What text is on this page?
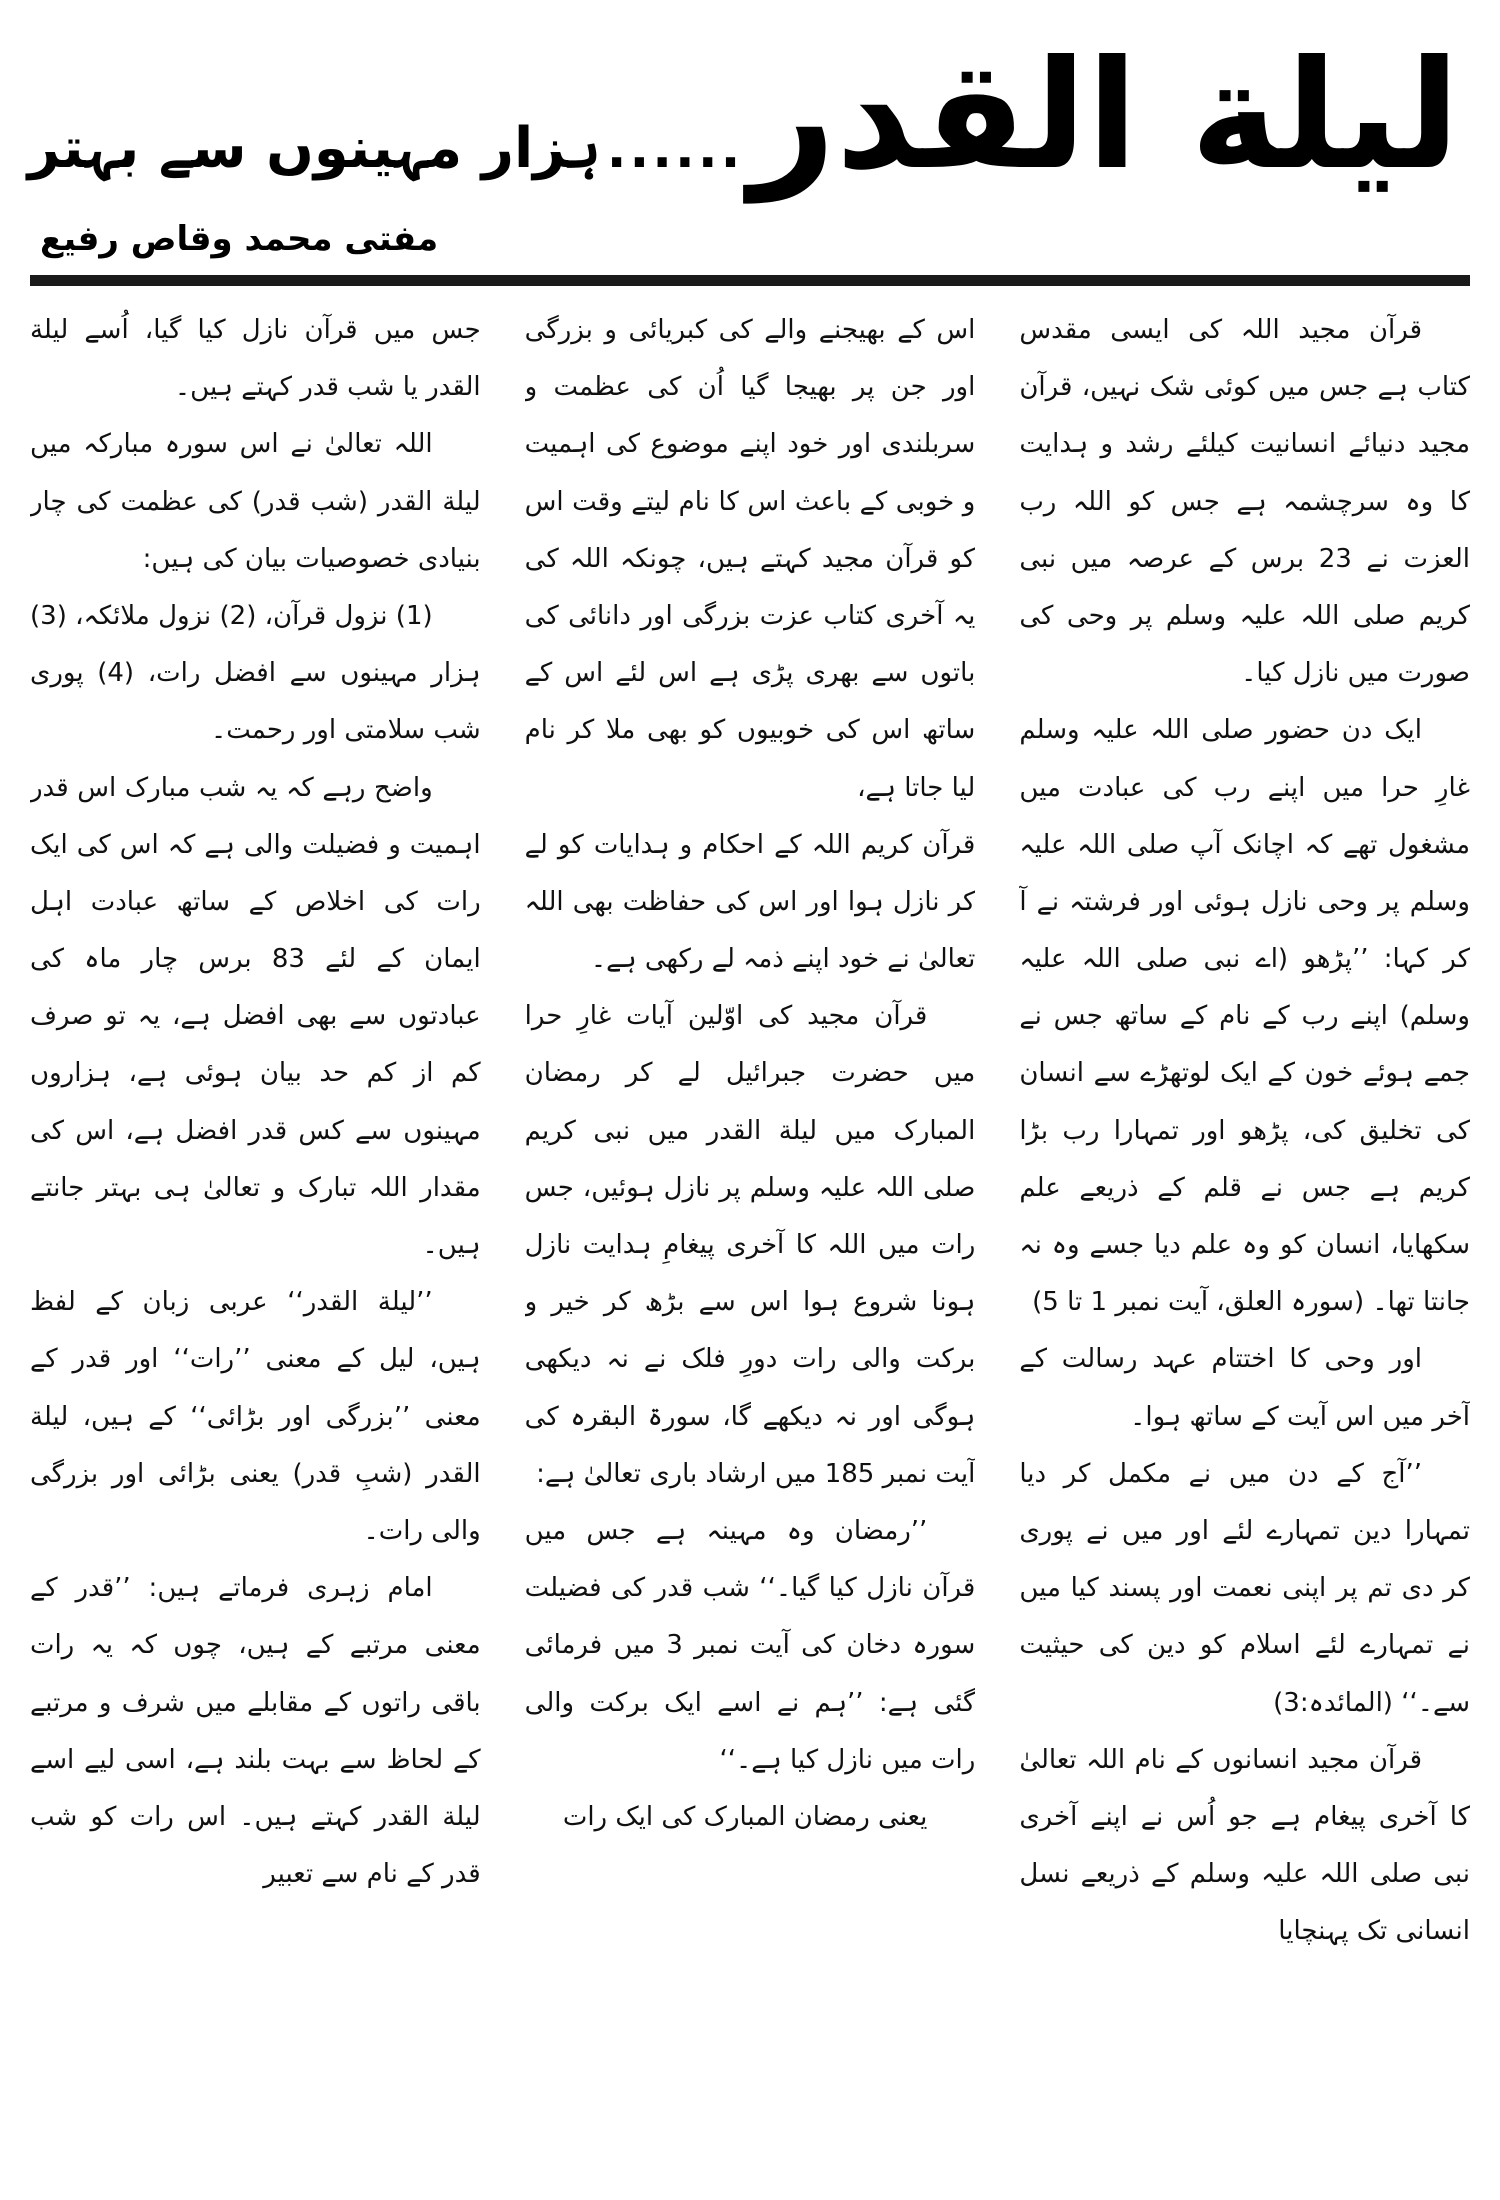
لیلة القدر
......
ہزار مہینوں سے بہتر
مفتی محمد وقاص رفیع

قرآن مجید اللہ کی ایسی مقدس کتاب ہے جس میں کوئی شک نہیں، قرآن مجید دنیائے انسانیت کیلئے رشد و ہدایت کا وہ سرچشمہ ہے جس کو اللہ رب العزت نے 23 برس کے عرصہ میں نبی کریم صلی اللہ علیہ وسلم پر وحی کی صورت میں نازل کیا۔

ایک دن حضور صلی اللہ علیہ وسلم غارِ حرا میں اپنے رب کی عبادت میں مشغول تھے کہ اچانک آپ صلی اللہ علیہ وسلم پر وحی نازل ہوئی اور فرشتہ نے آ کر کہا: ’’پڑھو (اے نبی صلی اللہ علیہ وسلم) اپنے رب کے نام کے ساتھ جس نے جمے ہوئے خون کے ایک لوتھڑے سے انسان کی تخلیق کی، پڑھو اور تمہارا رب بڑا کریم ہے جس نے قلم کے ذریعے علم سکھایا، انسان کو وہ علم دیا جسے وہ نہ جانتا تھا۔ (سورہ العلق، آیت نمبر 1 تا 5)

اور وحی کا اختتام عہد رسالت کے آخر میں اس آیت کے ساتھ ہوا۔

’’آج کے دن میں نے مکمل کر دیا تمہارا دین تمہارے لئے اور میں نے پوری کر دی تم پر اپنی نعمت اور پسند کیا میں نے تمہارے لئے اسلام کو دین کی حیثیت سے۔‘‘ (المائدہ:3)

قرآن مجید انسانوں کے نام اللہ تعالیٰ کا آخری پیغام ہے جو اُس نے اپنے آخری نبی صلی اللہ علیہ وسلم کے ذریعے نسل انسانی تک پہنچایا

اس کے بھیجنے والے کی کبریائی و بزرگی اور جن پر بھیجا گیا اُن کی عظمت و سربلندی اور خود اپنے موضوع کی اہمیت و خوبی کے باعث اس کا نام لیتے وقت اس کو قرآن مجید کہتے ہیں، چونکہ اللہ کی یہ آخری کتاب عزت بزرگی اور دانائی کی باتوں سے بھری پڑی ہے اس لئے اس کے ساتھ اس کی خوبیوں کو بھی ملا کر نام لیا جاتا ہے،

قرآن کریم اللہ کے احکام و ہدایات کو لے کر نازل ہوا اور اس کی حفاظت بھی اللہ تعالیٰ نے خود اپنے ذمہ لے رکھی ہے۔

قرآن مجید کی اوّلین آیات غارِ حرا میں حضرت جبرائیل لے کر رمضان المبارک میں لیلة القدر میں نبی کریم صلی اللہ علیہ وسلم پر نازل ہوئیں، جس رات میں اللہ کا آخری پیغامِ ہدایت نازل ہونا شروع ہوا اس سے بڑھ کر خیر و برکت والی رات دورِ فلک نے نہ دیکھی ہوگی اور نہ دیکھے گا، سورۃ البقرہ کی آیت نمبر 185 میں ارشاد باری تعالیٰ ہے:

’’رمضان وہ مہینہ ہے جس میں قرآن نازل کیا گیا۔‘‘ شب قدر کی فضیلت سورہ دخان کی آیت نمبر 3 میں فرمائی گئی ہے: ’’ہم نے اسے ایک برکت والی رات میں نازل کیا ہے۔‘‘

یعنی رمضان المبارک کی ایک رات

جس میں قرآن نازل کیا گیا، اُسے لیلة القدر یا شب قدر کہتے ہیں۔

اللہ تعالیٰ نے اس سورہ مبارکہ میں لیلة القدر (شب قدر) کی عظمت کی چار بنیادی خصوصیات بیان کی ہیں:

(1) نزول قرآن، (2) نزول ملائکہ، (3) ہزار مہینوں سے افضل رات، (4) پوری شب سلامتی اور رحمت۔

واضح رہے کہ یہ شب مبارک اس قدر اہمیت و فضیلت والی ہے کہ اس کی ایک رات کی اخلاص کے ساتھ عبادت اہل ایمان کے لئے 83 برس چار ماہ کی عبادتوں سے بھی افضل ہے، یہ تو صرف کم از کم حد بیان ہوئی ہے، ہزاروں مہینوں سے کس قدر افضل ہے، اس کی مقدار اللہ تبارک و تعالیٰ ہی بہتر جانتے ہیں۔

’’لیلة القدر‘‘ عربی زبان کے لفظ ہیں، لیل کے معنی ’’رات‘‘ اور قدر کے معنی ’’بزرگی اور بڑائی‘‘ کے ہیں، لیلة القدر (شبِ قدر) یعنی بڑائی اور بزرگی والی رات۔

امام زہری فرماتے ہیں: ’’قدر کے معنی مرتبے کے ہیں، چوں کہ یہ رات باقی راتوں کے مقابلے میں شرف و مرتبے کے لحاظ سے بہت بلند ہے، اسی لیے اسے لیلة القدر کہتے ہیں۔ اس رات کو شب قدر کے نام سے تعبیر
